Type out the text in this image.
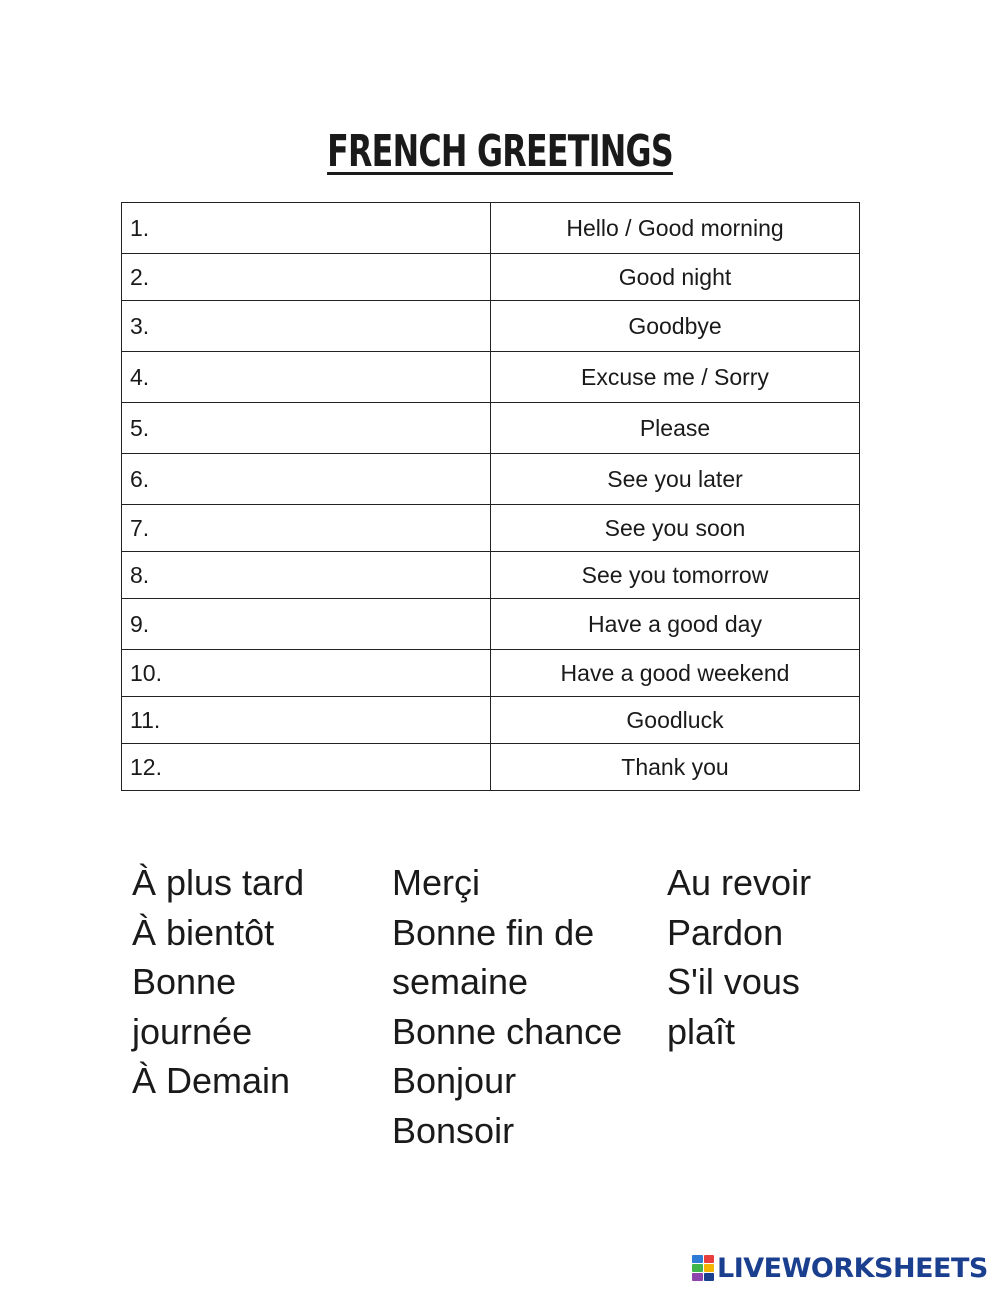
FRENCH GREETINGS
1.	Hello / Good morning
2.	Good night
3.	Goodbye
4.	Excuse me / Sorry
5.	Please
6.	See you later
7.	See you soon
8.	See you tomorrow
9.	Have a good day
10.	Have a good weekend
11.	Goodluck
12.	Thank you
À plus tard
À bientôt
Bonne
journée
À Demain
Merçi
Bonne fin de
semaine
Bonne chance
Bonjour
Bonsoir
Au revoir
Pardon
S'il vous
plaît
LIVEWORKSHEETS
